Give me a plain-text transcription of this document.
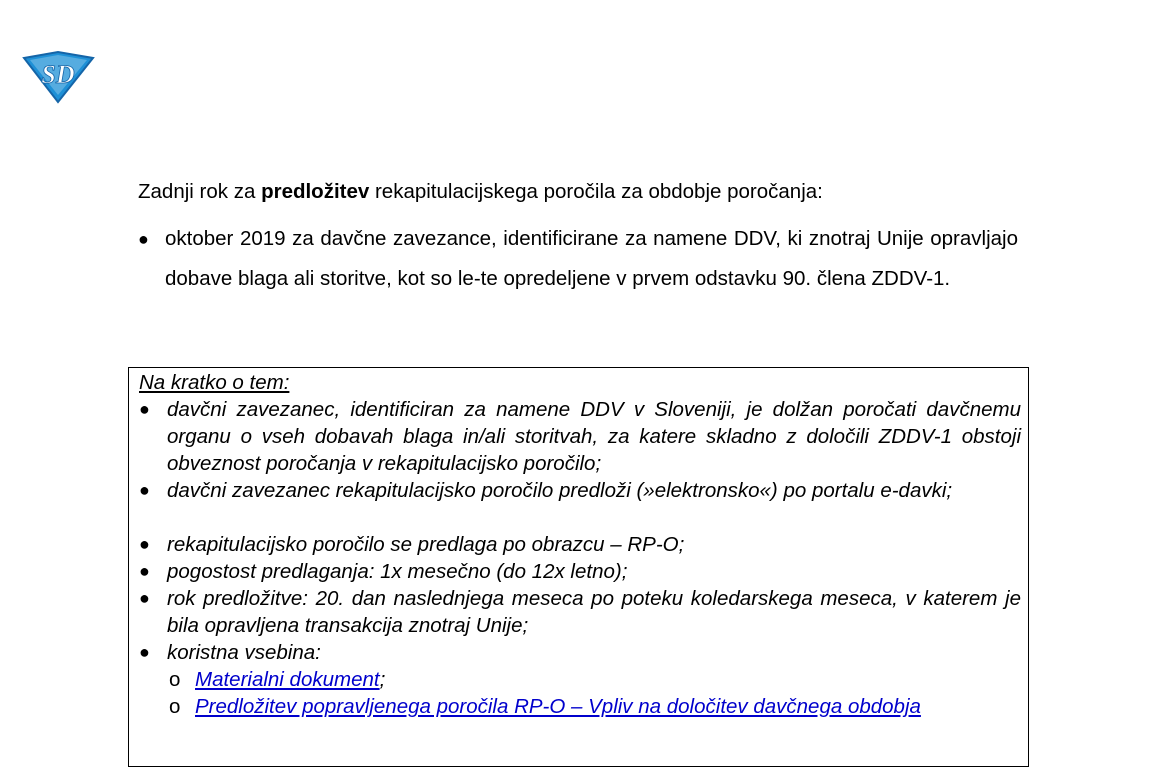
SD
Zadnji rok za predložitev rekapitulacijskega poročila za obdobje poročanja:
● oktober 2019 za davčne zavezance, identificirane za namene DDV, ki znotraj Unije opravljajo dobave blaga ali storitve, kot so le-te opredeljene v prvem odstavku 90. člena ZDDV-1.
Na kratko o tem:
● davčni zavezanec, identificiran za namene DDV v Sloveniji, je dolžan poročati davčnemu organu o vseh dobavah blaga in/ali storitvah, za katere skladno z določili ZDDV-1 obstoji obveznost poročanja v rekapitulacijsko poročilo;
● davčni zavezanec rekapitulacijsko poročilo predloži (»elektronsko«) po portalu e-davki;
● rekapitulacijsko poročilo se predlaga po obrazcu – RP-O;
● pogostost predlaganja: 1x mesečno (do 12x letno);
● rok predložitve: 20. dan naslednjega meseca po poteku koledarskega meseca, v katerem je bila opravljena transakcija znotraj Unije;
● koristna vsebina:
o Materialni dokument;
o Predložitev popravljenega poročila RP-O – Vpliv na določitev davčnega obdobja
